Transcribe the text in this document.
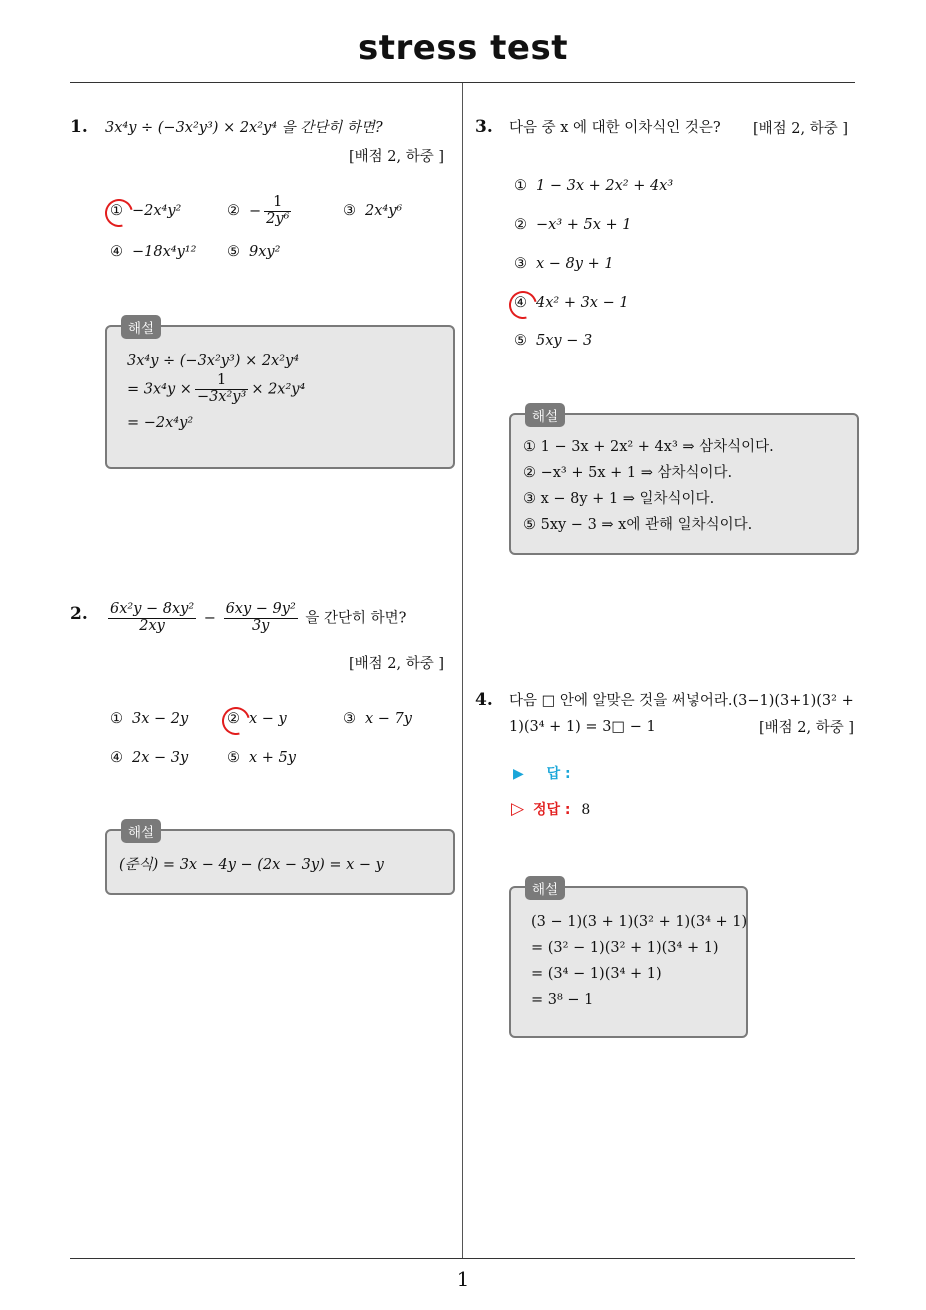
stress test
1
1. 3x⁴y ÷ (−3x²y³) × 2x²y⁴ 을 간단히 하면?
[배점 2, 하중 ]
① −2x⁴y²	② − $\frac{1}{\text{2y⁶}}$	③ 2x⁴y⁶
④ −18x⁴y¹² ⑤ 9xy²
해설
3x⁴y ÷ (−3x²y³) × 2x²y⁴
= $3x^4y \times \frac{1}{\text{−3x²y³}} \times 2x^2y^4$
= −2x⁴y²
2. $\frac{\text{6x²y − 8xy²}}{2xy} - \frac{\text{6xy − 9y²}}{3y}$ 을 간단히 하면?
[배점 2, 하중 ]
① 3x − 2y	② x − y	③ x − 7y
④ 2x − 3y	⑤ x + 5y
해설
(준식) = 3x − 4y − (2x − 3y) = x − y
3. 다음 중 x 에 대한 이차식인 것은? [배점 2, 하중 ]
① 1 − 3x + 2x² + 4x³
② −x³ + 5x + 1
③ x − 8y + 1
④ 4x² + 3x − 1
⑤ 5xy − 3
해설
① 1 − 3x + 2x² + 4x³ ⇒ 삼차식이다.
② −x³ + 5x + 1 ⇒ 삼차식이다.
③ x − 8y + 1 ⇒ 일차식이다.
⑤ 5xy − 3 ⇒ x에 관해 일차식이다.
4. 다음 □ 안에 알맞은 것을 써넣어라.(3−1)(3+1)(3² +
1)(3⁴ + 1) = 3□ − 1	[배점 2, 하중 ]
▶ 답 :
▷ 정답 : 8
해설
(3 − 1)(3 + 1)(3² + 1)(3⁴ + 1)
= (3² − 1)(3² + 1)(3⁴ + 1)
= (3⁴ − 1)(3⁴ + 1)
= 3⁸ − 1
